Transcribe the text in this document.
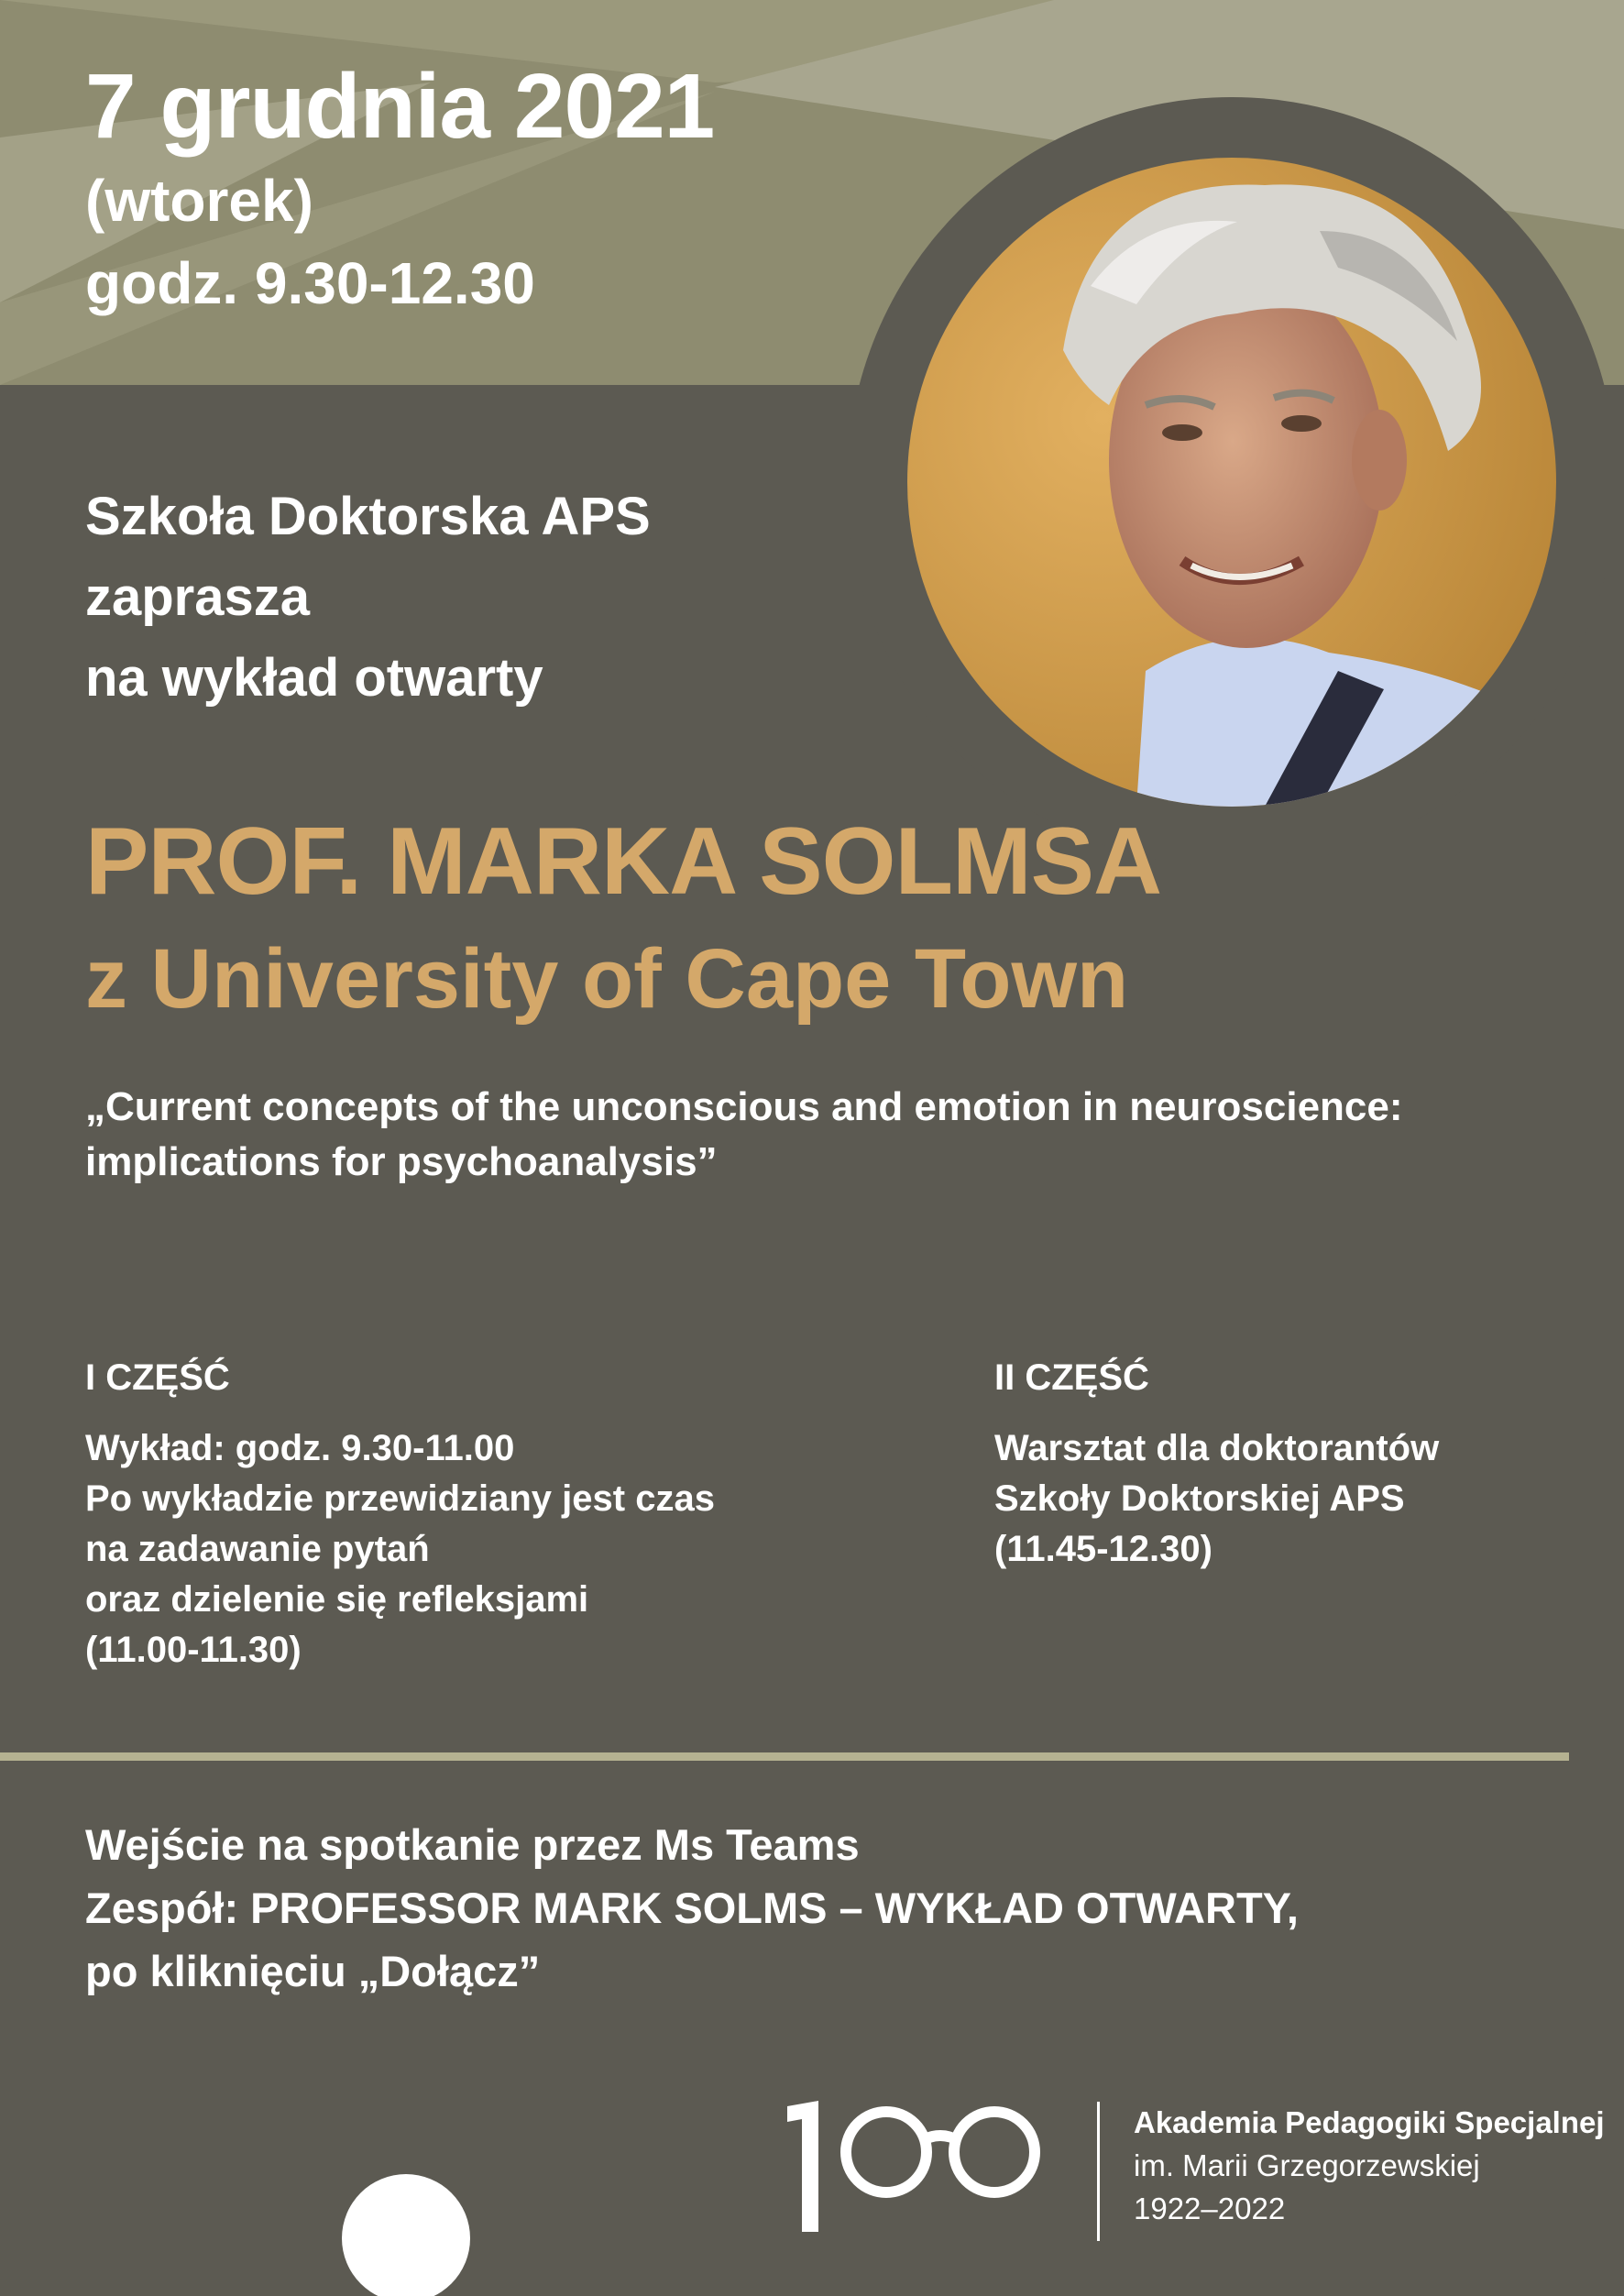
7 grudnia 2021
(wtorek)
godz. 9.30-12.30
Szkoła Doktorska APS
zaprasza
na wykład otwarty
PROF. MARKA SOLMSA
z University of Cape Town
„Current concepts of the unconscious and emotion in neuroscience:
implications for psychoanalysis”
I CZĘŚĆ
Wykład: godz. 9.30-11.00
Po wykładzie przewidziany jest czas
na zadawanie pytań
oraz dzielenie się refleksjami
(11.00-11.30)
II CZĘŚĆ
Warsztat dla doktorantów
Szkoły Doktorskiej APS
(11.45-12.30)
Wejście na spotkanie przez Ms Teams
Zespół: PROFESSOR MARK SOLMS – WYKŁAD OTWARTY,
po kliknięciu „Dołącz”
Akademia Pedagogiki Specjalnej
im. Marii Grzegorzewskiej
1922–2022
